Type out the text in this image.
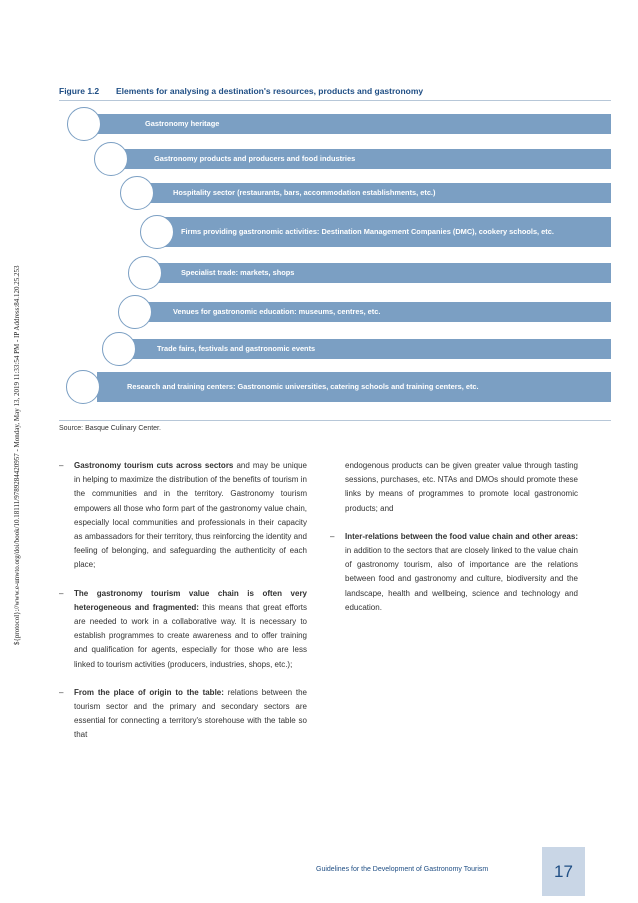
${protocol}://www.e-unwto.org/doi/book/10.18111/9789284420957 - Monday, May 13, 2019 11:33:54 PM - IP Address:84.120.25.253
Figure 1.2 Elements for analysing a destination's resources, products and gastronomy
Gastronomy heritage
Gastronomy products and producers and food industries
Hospitality sector (restaurants, bars, accommodation establishments, etc.)
Firms providing gastronomic activities: Destination Management Companies (DMC), cookery schools, etc.
Specialist trade: markets, shops
Venues for gastronomic education: museums, centres, etc.
Trade fairs, festivals and gastronomic events
Research and training centers: Gastronomic universities, catering schools and training centers, etc.
Source: Basque Culinary Center.
– Gastronomy tourism cuts across sectors and may be unique in helping to maximize the distribution of the benefits of tourism in the communities and in the territory. Gastronomy tourism empowers all those who form part of the gastronomy value chain, especially local communities and professionals in their capacity as ambassadors for their territory, thus reinforcing the identity and feeling of belonging, and safeguarding the authenticity of each place;
– The gastronomy tourism value chain is often very heterogeneous and fragmented: this means that great efforts are needed to work in a collaborative way. It is necessary to establish programmes to create awareness and to offer training and qualification for agents, especially for those who are less linked to tourism activities (producers, industries, shops, etc.);
– From the place of origin to the table: relations between the tourism sector and the primary and secondary sectors are essential for connecting a territory's storehouse with the table so that
endogenous products can be given greater value through tasting sessions, purchases, etc. NTAs and DMOs should promote these links by means of programmes to promote local gastronomic products; and
– Inter-relations between the food value chain and other areas: in addition to the sectors that are closely linked to the value chain of gastronomy tourism, also of importance are the relations between food and gastronomy and culture, biodiversity and the landscape, health and wellbeing, science and technology and education.
Guidelines for the Development of Gastronomy Tourism	17
